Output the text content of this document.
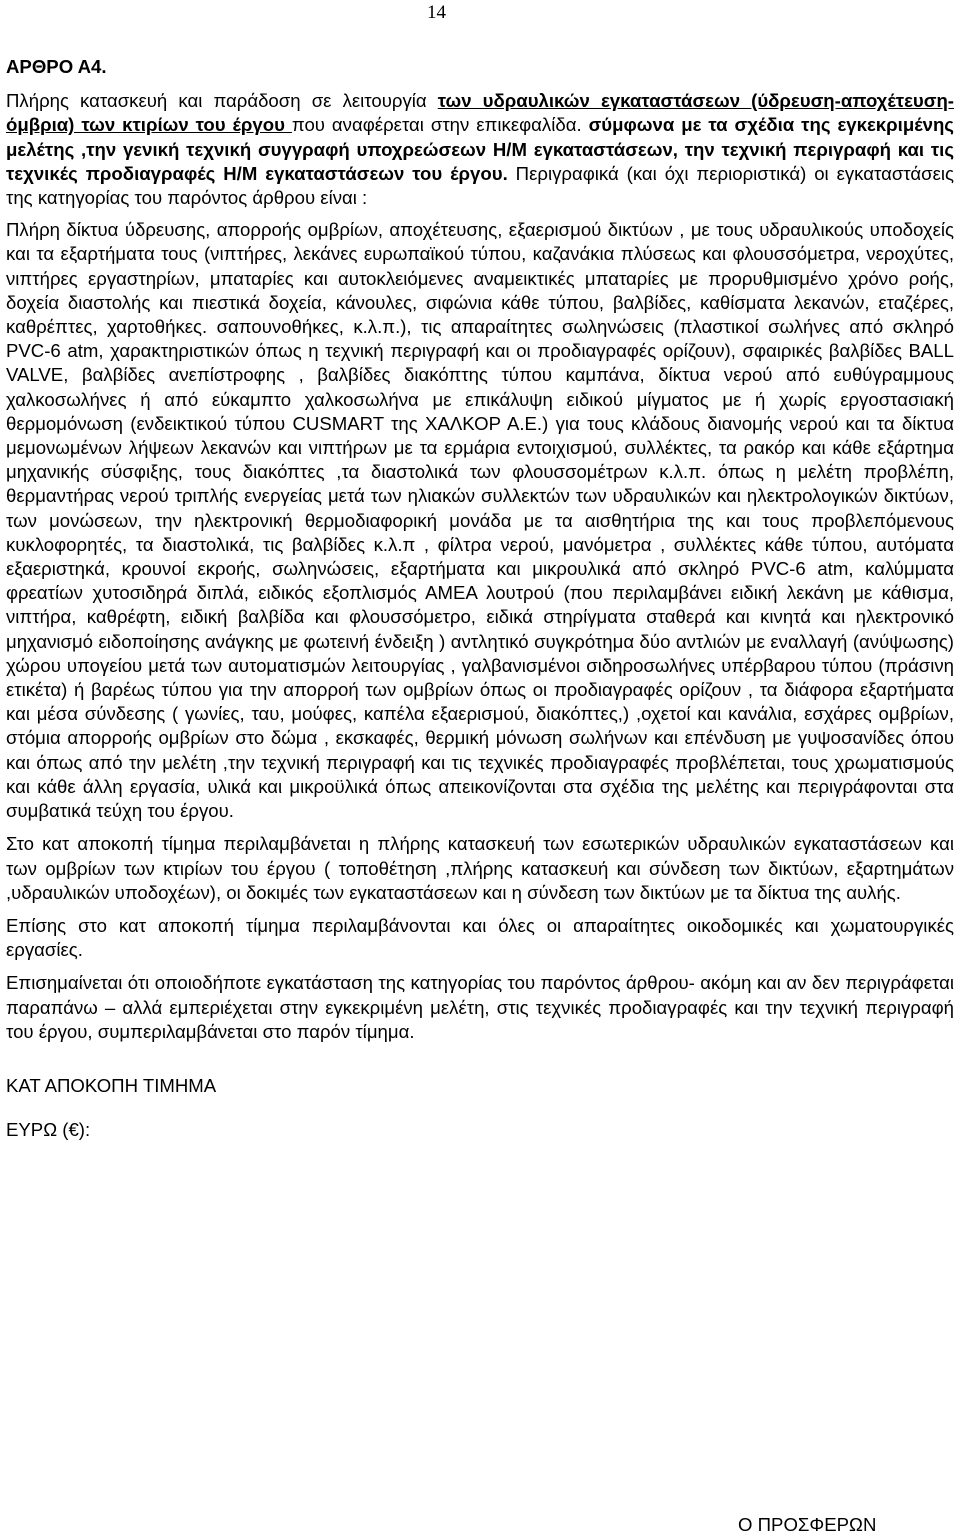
14
ΑΡΘΡΟ Α4.
Πλήρης κατασκευή και παράδοση σε λειτουργία των υδραυλικών εγκαταστάσεων (ύδρευση-αποχέτευση-όμβρια) των κτιρίων του έργου που αναφέρεται στην επικεφαλίδα. σύμφωνα με τα σχέδια της εγκεκριμένης μελέτης ,την γενική τεχνική συγγραφή υποχρεώσεων Η/Μ εγκαταστάσεων, την τεχνική περιγραφή και τις τεχνικές προδιαγραφές Η/Μ εγκαταστάσεων του έργου. Περιγραφικά (και όχι περιοριστικά) οι εγκαταστάσεις της κατηγορίας του παρόντος άρθρου είναι :
Πλήρη δίκτυα ύδρευσης, απορροής ομβρίων, αποχέτευσης, εξαερισμού δικτύων , με τους υδραυλικούς υποδοχείς και τα εξαρτήματα τους (νιπτήρες, λεκάνες ευρωπαϊκού τύπου, καζανάκια πλύσεως και φλουσσόμετρα, νεροχύτες, νιπτήρες εργαστηρίων, μπαταρίες και αυτοκλειόμενες αναμεικτικές μπαταρίες με προρυθμισμένο χρόνο ροής, δοχεία διαστολής και πιεστικά δοχεία, κάνουλες, σιφώνια κάθε τύπου, βαλβίδες, καθίσματα λεκανών, εταζέρες, καθρέπτες, χαρτοθήκες. σαπουνοθήκες, κ.λ.π.), τις απαραίτητες σωληνώσεις (πλαστικοί σωλήνες από σκληρό PVC-6 atm, χαρακτηριστικών όπως η τεχνική περιγραφή και οι προδιαγραφές ορίζουν), σφαιρικές βαλβίδες BALL VALVE, βαλβίδες ανεπίστροφης , βαλβίδες διακόπτης τύπου καμπάνα, δίκτυα νερού από ευθύγραμμους χαλκοσωλήνες ή από εύκαμπτο χαλκοσωλήνα με επικάλυψη ειδικού μίγματος με ή χωρίς εργοστασιακή θερμομόνωση (ενδεικτικού τύπου CUSMART της ΧΑΛΚΟΡ Α.Ε.) για τους κλάδους διανομής νερού και τα δίκτυα μεμονωμένων λήψεων λεκανών και νιπτήρων με τα ερμάρια εντοιχισμού, συλλέκτες, τα ρακόρ και κάθε εξάρτημα μηχανικής σύσφιξης, τους διακόπτες ,τα διαστολικά των φλουσσομέτρων κ.λ.π. όπως η μελέτη προβλέπη, θερμαντήρας νερού τριπλής ενεργείας μετά των ηλιακών συλλεκτών των υδραυλικών και ηλεκτρολογικών δικτύων, των μονώσεων, την ηλεκτρονική θερμοδιαφορική μονάδα με τα αισθητήρια της και τους προβλεπόμενους κυκλοφορητές, τα διαστολικά, τις βαλβίδες κ.λ.π , φίλτρα νερού, μανόμετρα , συλλέκτες κάθε τύπου, αυτόματα εξαεριστηκά, κρουνοί εκροής, σωληνώσεις, εξαρτήματα και μικρουλικά από σκληρό PVC-6 atm, καλύμματα φρεατίων χυτοσιδηρά διπλά, ειδικός εξοπλισμός ΑΜΕΑ λουτρού (που περιλαμβάνει ειδική λεκάνη με κάθισμα, νιπτήρα, καθρέφτη, ειδική βαλβίδα και φλουσσόμετρο, ειδικά στηρίγματα σταθερά και κινητά και ηλεκτρονικό μηχανισμό ειδοποίησης ανάγκης με φωτεινή ένδειξη ) αντλητικό συγκρότημα δύο αντλιών με εναλλαγή (ανύψωσης) χώρου υπογείου μετά των αυτοματισμών λειτουργίας , γαλβανισμένοι σιδηροσωλήνες υπέρβαρου τύπου (πράσινη ετικέτα) ή βαρέως τύπου για την απορροή των ομβρίων όπως οι προδιαγραφές ορίζουν , τα διάφορα εξαρτήματα και μέσα σύνδεσης ( γωνίες, ταυ, μούφες, καπέλα εξαερισμού, διακόπτες,) ,οχετοί και κανάλια, εσχάρες ομβρίων, στόμια απορροής ομβρίων στο δώμα , εκσκαφές, θερμική μόνωση σωλήνων και επένδυση με γυψοσανίδες όπου και όπως από την μελέτη ,την τεχνική περιγραφή και τις τεχνικές προδιαγραφές προβλέπεται, τους χρωματισμούς και κάθε άλλη εργασία, υλικά και μικροϋλικά όπως απεικονίζονται στα σχέδια της μελέτης και περιγράφονται στα συμβατικά τεύχη του έργου.
Στο κατ αποκοπή τίμημα περιλαμβάνεται η πλήρης κατασκευή των εσωτερικών υδραυλικών εγκαταστάσεων και των ομβρίων των κτιρίων του έργου ( τοποθέτηση ,πλήρης κατασκευή και σύνδεση των δικτύων, εξαρτημάτων ,υδραυλικών υποδοχέων), οι δοκιμές των εγκαταστάσεων και η σύνδεση των δικτύων με τα δίκτυα της αυλής.
Επίσης στο κατ αποκοπή τίμημα περιλαμβάνονται και όλες οι απαραίτητες οικοδομικές και χωματουργικές εργασίες.
Επισημαίνεται ότι οποιοδήποτε εγκατάσταση της κατηγορίας του παρόντος άρθρου- ακόμη και αν δεν περιγράφεται παραπάνω – αλλά εμπεριέχεται στην εγκεκριμένη μελέτη, στις τεχνικές προδιαγραφές και την τεχνική περιγραφή του έργου, συμπεριλαμβάνεται στο παρόν τίμημα.
ΚΑΤ ΑΠΟΚΟΠΗ ΤΙΜΗΜΑ
ΕΥΡΩ (€):
Ο ΠΡΟΣΦΕΡΩΝ
